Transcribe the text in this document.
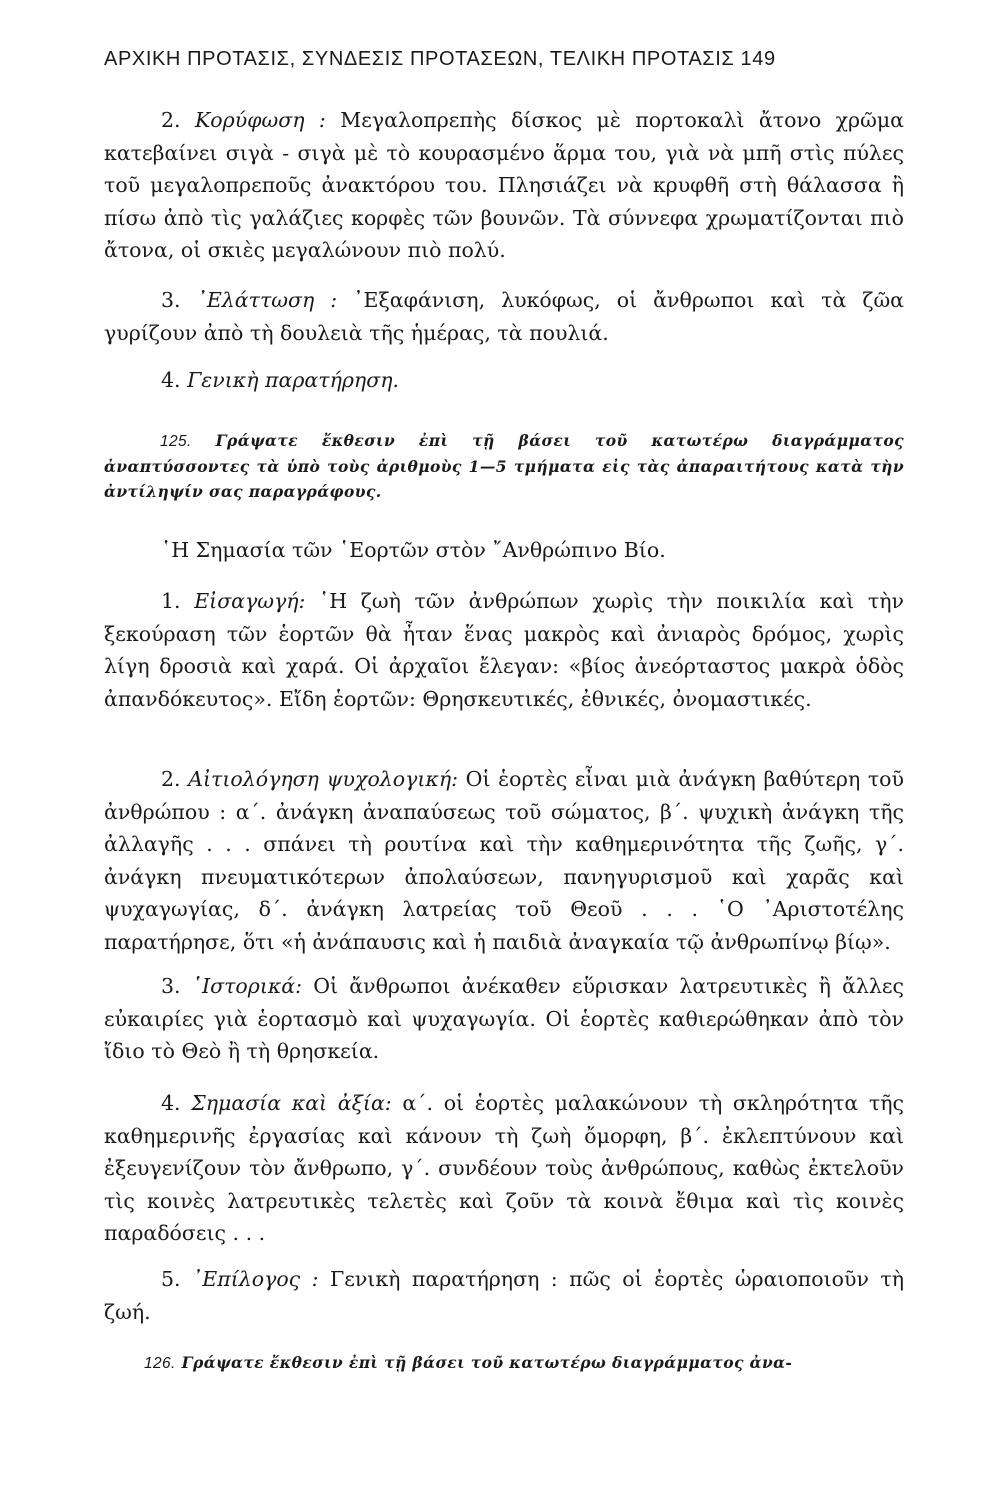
ΑΡΧΙΚΗ ΠΡΟΤΑΣΙΣ, ΣΥΝΔΕΣΙΣ ΠΡΟΤΑΣΕΩΝ, ΤΕΛΙΚΗ ΠΡΟΤΑΣΙΣ 149

2. Κορύφωση : Μεγαλοπρεπὴς δίσκος μὲ πορτοκαλὶ ἄτονο χρῶμα κατεβαίνει σιγὰ - σιγὰ μὲ τὸ κουρασμένο ἅρμα του, γιὰ νὰ μπῆ στὶς πύλες τοῦ μεγαλοπρεποῦς ἀνακτόρου του. Πλησιάζει νὰ κρυφθῆ στὴ θάλασσα ἢ πίσω ἀπὸ τὶς γαλάζιες κορφὲς τῶν βουνῶν. Τὰ σύννεφα χρωματίζονται πιὸ ἄτονα, οἱ σκιὲς μεγαλώνουν πιὸ πολύ.

3. ᾿Ελάττωση : ᾿Εξαφάνιση, λυκόφως, οἱ ἄνθρωποι καὶ τὰ ζῶα γυρίζουν ἀπὸ τὴ δουλειὰ τῆς ἡμέρας, τὰ πουλιά.

4. Γενικὴ παρατήρηση.

125. Γράψατε ἔκθεσιν ἐπὶ τῇ βάσει τοῦ κατωτέρω διαγράμματος ἀναπτύσσοντες τὰ ὑπὸ τοὺς ἀριθμοὺς 1—5 τμήματα εἰς τὰς ἀπαραιτήτους κατὰ τὴν ἀντίληψίν σας παραγράφους.

῾Η Σημασία τῶν ῾Εορτῶν στὸν ῎Ανθρώπινο Βίο.

1. Εἰσαγωγή: ῾Η ζωὴ τῶν ἀνθρώπων χωρὶς τὴν ποικιλία καὶ τὴν ξεκούραση τῶν ἑορτῶν θὰ ἦταν ἕνας μακρὸς καὶ ἀνιαρὸς δρόμος, χωρὶς λίγη δροσιὰ καὶ χαρά. Οἱ ἀρχαῖοι ἔλεγαν: «βίος ἀνεόρταστος μακρὰ ὁδὸς ἀπανδόκευτος». Εἴδη ἑορτῶν: Θρησκευτικές, ἐθνικές, ὀνομαστικές.

2. Αἰτιολόγηση ψυχολογική: Οἱ ἑορτὲς εἶναι μιὰ ἀνάγκη βαθύτερη τοῦ ἀνθρώπου : α΄. ἀνάγκη ἀναπαύσεως τοῦ σώματος, β΄. ψυχικὴ ἀνάγκη τῆς ἀλλαγῆς . . . σπάνει τὴ ρουτίνα καὶ τὴν καθημερινότητα τῆς ζωῆς, γ΄. ἀνάγκη πνευματικότερων ἀπολαύσεων, πανηγυρισμοῦ καὶ χαρᾶς καὶ ψυχαγωγίας, δ΄. ἀνάγκη λατρείας τοῦ Θεοῦ . . . ῾Ο ᾿Αριστοτέλης παρατήρησε, ὅτι «ἡ ἀνάπαυσις καὶ ἡ παιδιὰ ἀναγκαία τῷ ἀνθρωπίνῳ βίῳ».

3. ῾Ιστορικά: Οἱ ἄνθρωποι ἀνέκαθεν εὕρισκαν λατρευτικὲς ἢ ἄλλες εὐκαιρίες γιὰ ἑορτασμὸ καὶ ψυχαγωγία. Οἱ ἑορτὲς καθιερώθηκαν ἀπὸ τὸν ἴδιο τὸ Θεὸ ἢ τὴ θρησκεία.

4. Σημασία καὶ ἀξία: α΄. οἱ ἑορτὲς μαλακώνουν τὴ σκληρότητα τῆς καθημερινῆς ἐργασίας καὶ κάνουν τὴ ζωὴ ὄμορφη, β΄. ἐκλεπτύνουν καὶ ἐξευγενίζουν τὸν ἄνθρωπο, γ΄. συνδέουν τοὺς ἀνθρώπους, καθὼς ἐκτελοῦν τὶς κοινὲς λατρευτικὲς τελετὲς καὶ ζοῦν τὰ κοινὰ ἔθιμα καὶ τὶς κοινὲς παραδόσεις . . .

5. ᾿Επίλογος : Γενικὴ παρατήρηση : πῶς οἱ ἑορτὲς ὡραιοποιοῦν τὴ ζωή.

126. Γράψατε ἔκθεσιν ἐπὶ τῇ βάσει τοῦ κατωτέρω διαγράμματος ἀνα-
